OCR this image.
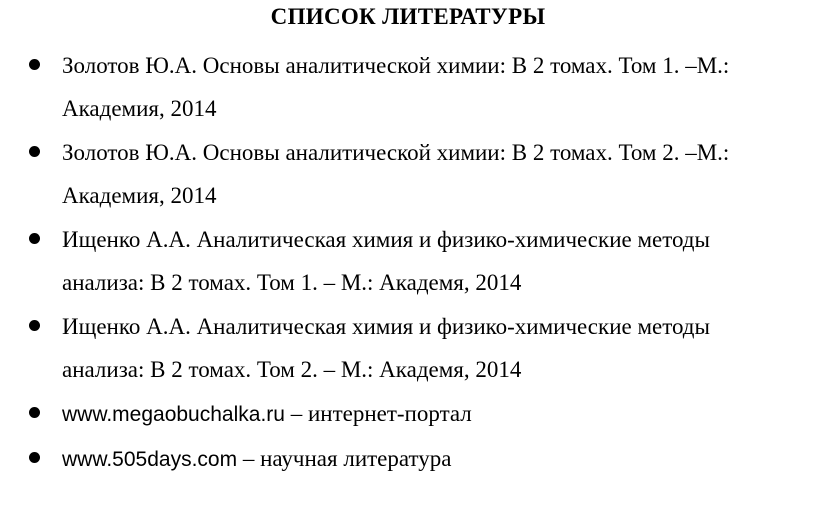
СПИСОК ЛИТЕРАТУРЫ
Золотов Ю.А. Основы аналитической химии: В 2 томах. Том 1. –М.: Академия, 2014
Золотов Ю.А. Основы аналитической химии: В 2 томах. Том 2. –М.: Академия, 2014
Ищенко А.А. Аналитическая химия и физико-химические методы анализа: В 2 томах. Том 1. – М.: Академя, 2014
Ищенко А.А. Аналитическая химия и физико-химические методы анализа: В 2 томах. Том 2. – М.: Академя, 2014
www.megaobuchalka.ru – интернет-портал
www.505days.com – научная литература
